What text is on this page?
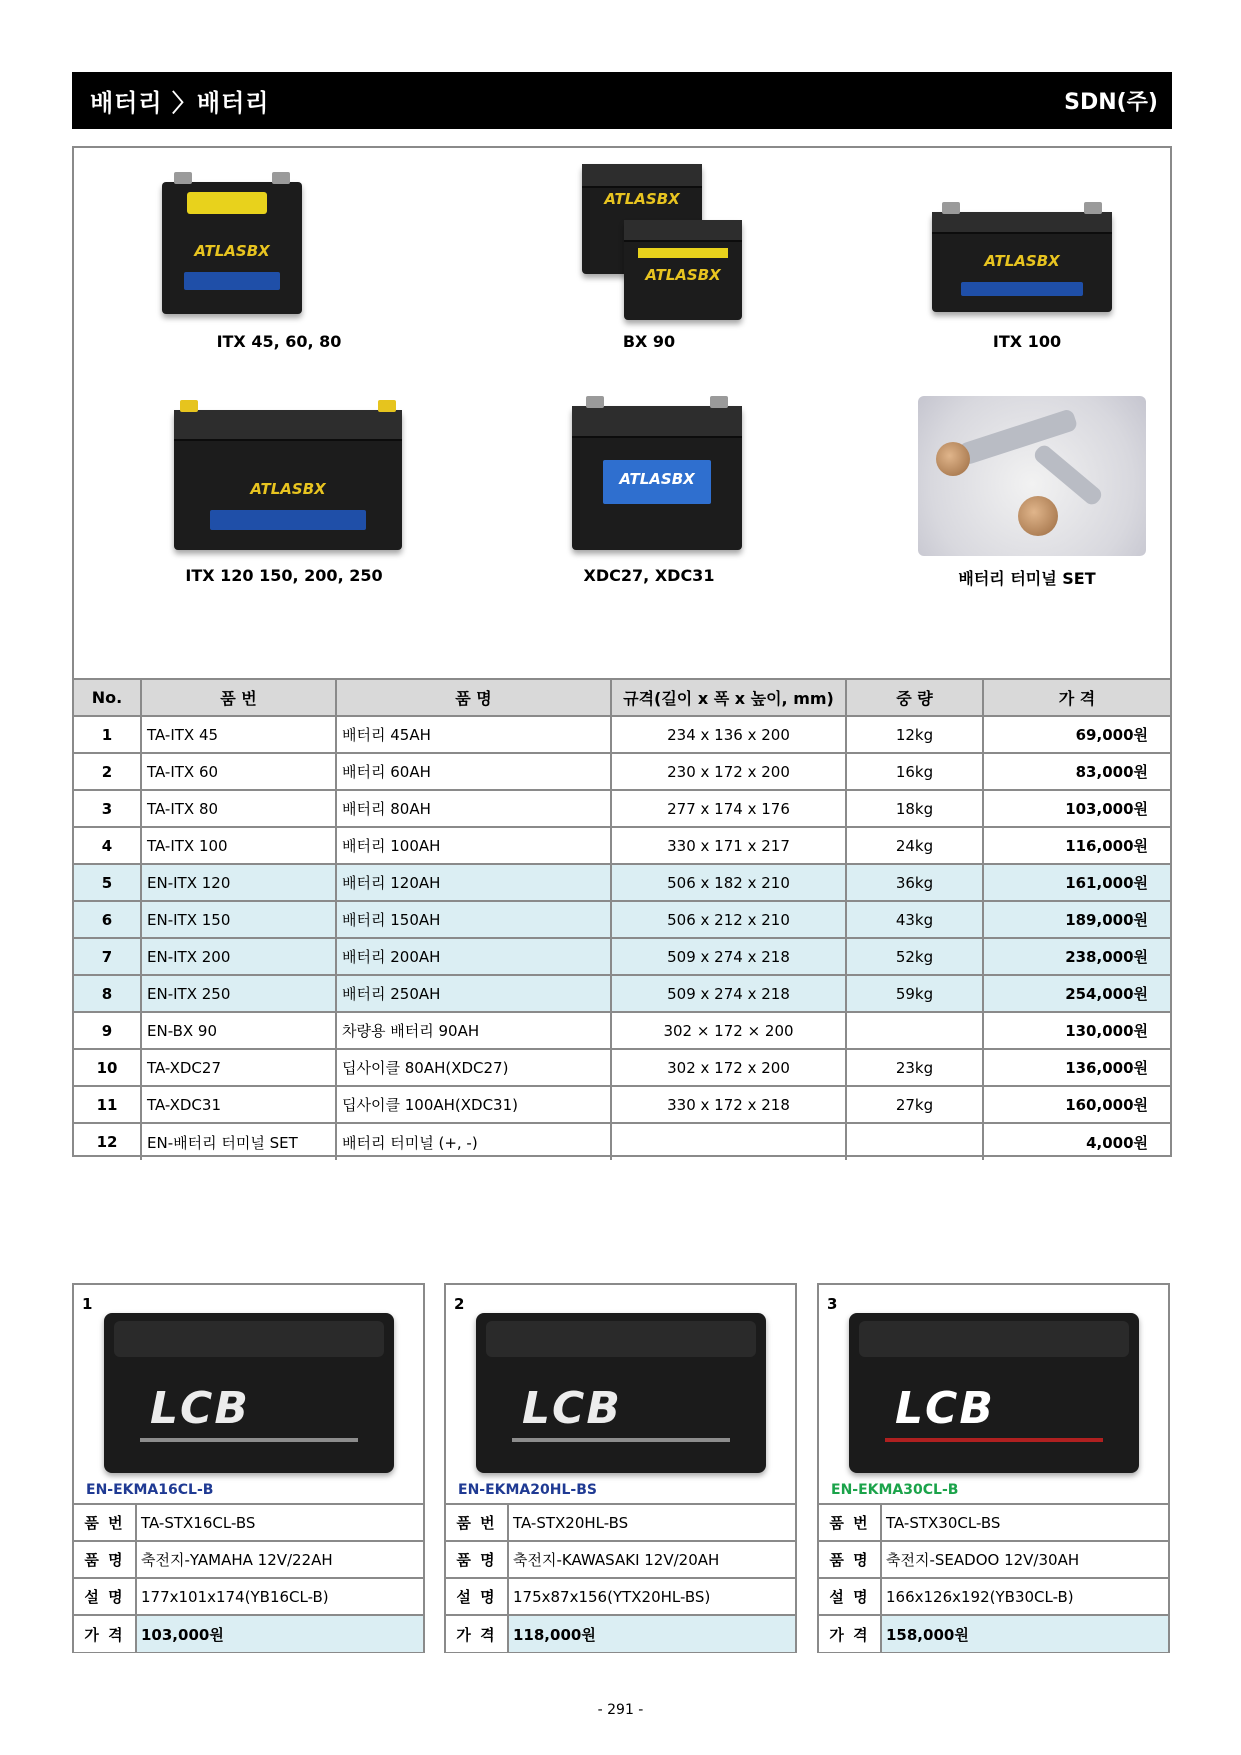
배터리 〉배터리	SDN(주)
ATLASBX
ITX 45, 60, 80
ATLASBX
ATLASBX
BX 90
ATLASBX
ITX 100
ATLASBX
ITX 120 150, 200, 250
ATLASBX
XDC27, XDC31	배터리 터미널 SET
No.	품 번	품 명	규격(길이 x 폭 x 높이, mm)	중 량	가 격
1	TA-ITX 45	배터리 45AH	234 x 136 x 200	12kg	69,000원
2	TA-ITX 60	배터리 60AH	230 x 172 x 200	16kg	83,000원
3	TA-ITX 80	배터리 80AH	277 x 174 x 176	18kg	103,000원
4	TA-ITX 100	배터리 100AH	330 x 171 x 217	24kg	116,000원
5	EN-ITX 120	배터리 120AH	506 x 182 x 210	36kg	161,000원
6	EN-ITX 150	배터리 150AH	506 x 212 x 210	43kg	189,000원
7	EN-ITX 200	배터리 200AH	509 x 274 x 218	52kg	238,000원
8	EN-ITX 250	배터리 250AH	509 x 274 x 218	59kg	254,000원
9	EN-BX 90	차량용 배터리 90AH	302 × 172 × 200		130,000원
10	TA-XDC27	딥사이클 80AH(XDC27)	302 x 172 x 200	23kg	136,000원
11	TA-XDC31	딥사이클 100AH(XDC31)	330 x 172 x 218	27kg	160,000원
12	EN-배터리 터미널 SET	배터리 터미널 (+, -)			4,000원
1
LCB
EN-EKMA16CL-B
품 번	TA-STX16CL-BS
품 명	축전지-YAMAHA 12V/22AH
설 명	177x101x174(YB16CL-B)
가 격	103,000원
2
LCB
EN-EKMA20HL-BS
품 번	TA-STX20HL-BS
품 명	축전지-KAWASAKI 12V/20AH
설 명	175x87x156(YTX20HL-BS)
가 격	118,000원
3
LCB
EN-EKMA30CL-B
품 번	TA-STX30CL-BS
품 명	축전지-SEADOO 12V/30AH
설 명	166x126x192(YB30CL-B)
가 격	158,000원
- 291 -
